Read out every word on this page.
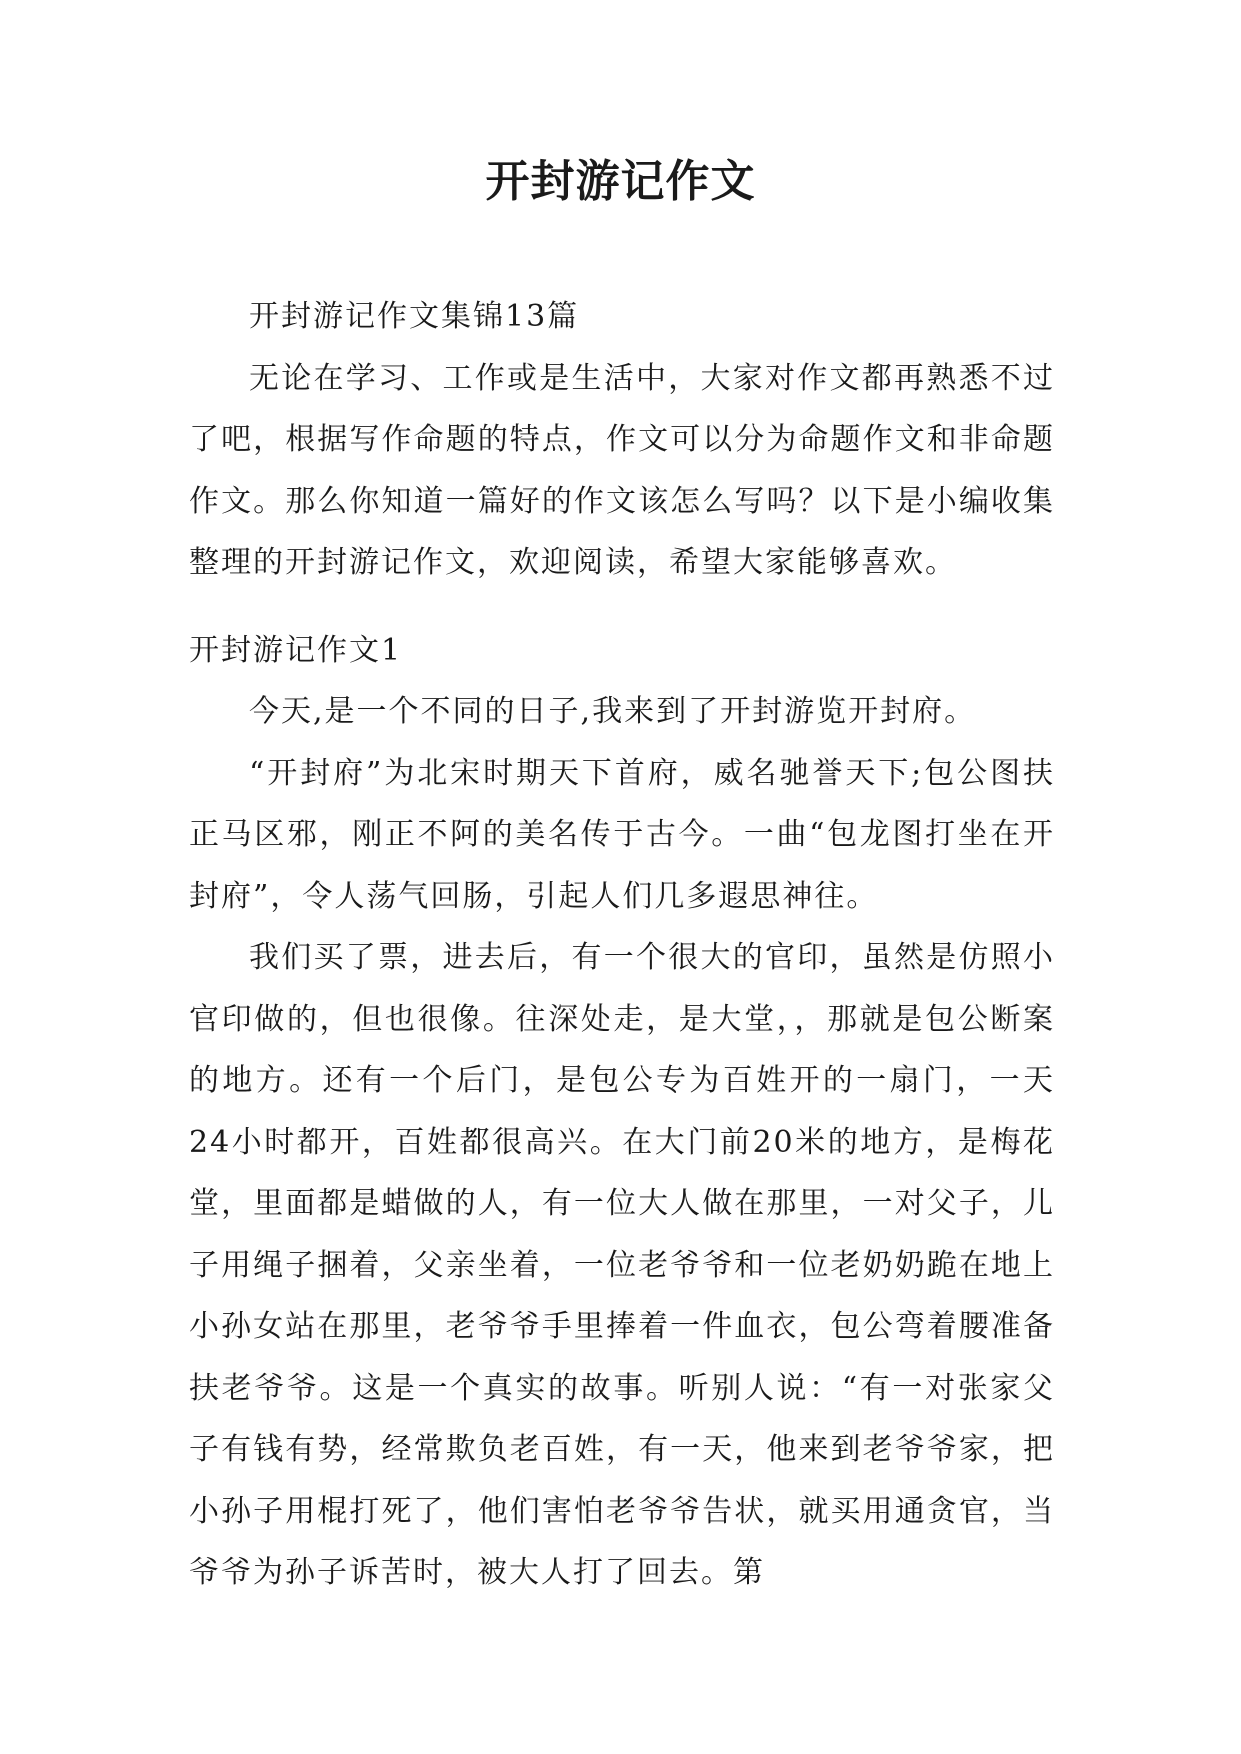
开封游记作文

开封游记作文集锦13篇

无论在学习、工作或是生活中，大家对作文都再熟悉不过了吧，根据写作命题的特点，作文可以分为命题作文和非命题作文。那么你知道一篇好的作文该怎么写吗？以下是小编收集整理的开封游记作文，欢迎阅读，希望大家能够喜欢。

开封游记作文1

今天,是一个不同的日子,我来到了开封游览开封府。

“开封府”为北宋时期天下首府，威名驰誉天下;包公图扶正马区邪，刚正不阿的美名传于古今。一曲“包龙图打坐在开封府”，令人荡气回肠，引起人们几多遐思神往。

我们买了票，进去后，有一个很大的官印，虽然是仿照小官印做的，但也很像。往深处走，是大堂，，那就是包公断案的地方。还有一个后门，是包公专为百姓开的一扇门，一天24小时都开，百姓都很高兴。在大门前20米的地方，是梅花堂，里面都是蜡做的人，有一位大人做在那里，一对父子，儿子用绳子捆着，父亲坐着，一位老爷爷和一位老奶奶跪在地上小孙女站在那里，老爷爷手里捧着一件血衣，包公弯着腰准备扶老爷爷。这是一个真实的故事。听别人说：“有一对张家父子有钱有势，经常欺负老百姓，有一天，他来到老爷爷家，把小孙子用棍打死了，他们害怕老爷爷告状，就买用通贪官，当爷爷为孙子诉苦时，被大人打了回去。第
